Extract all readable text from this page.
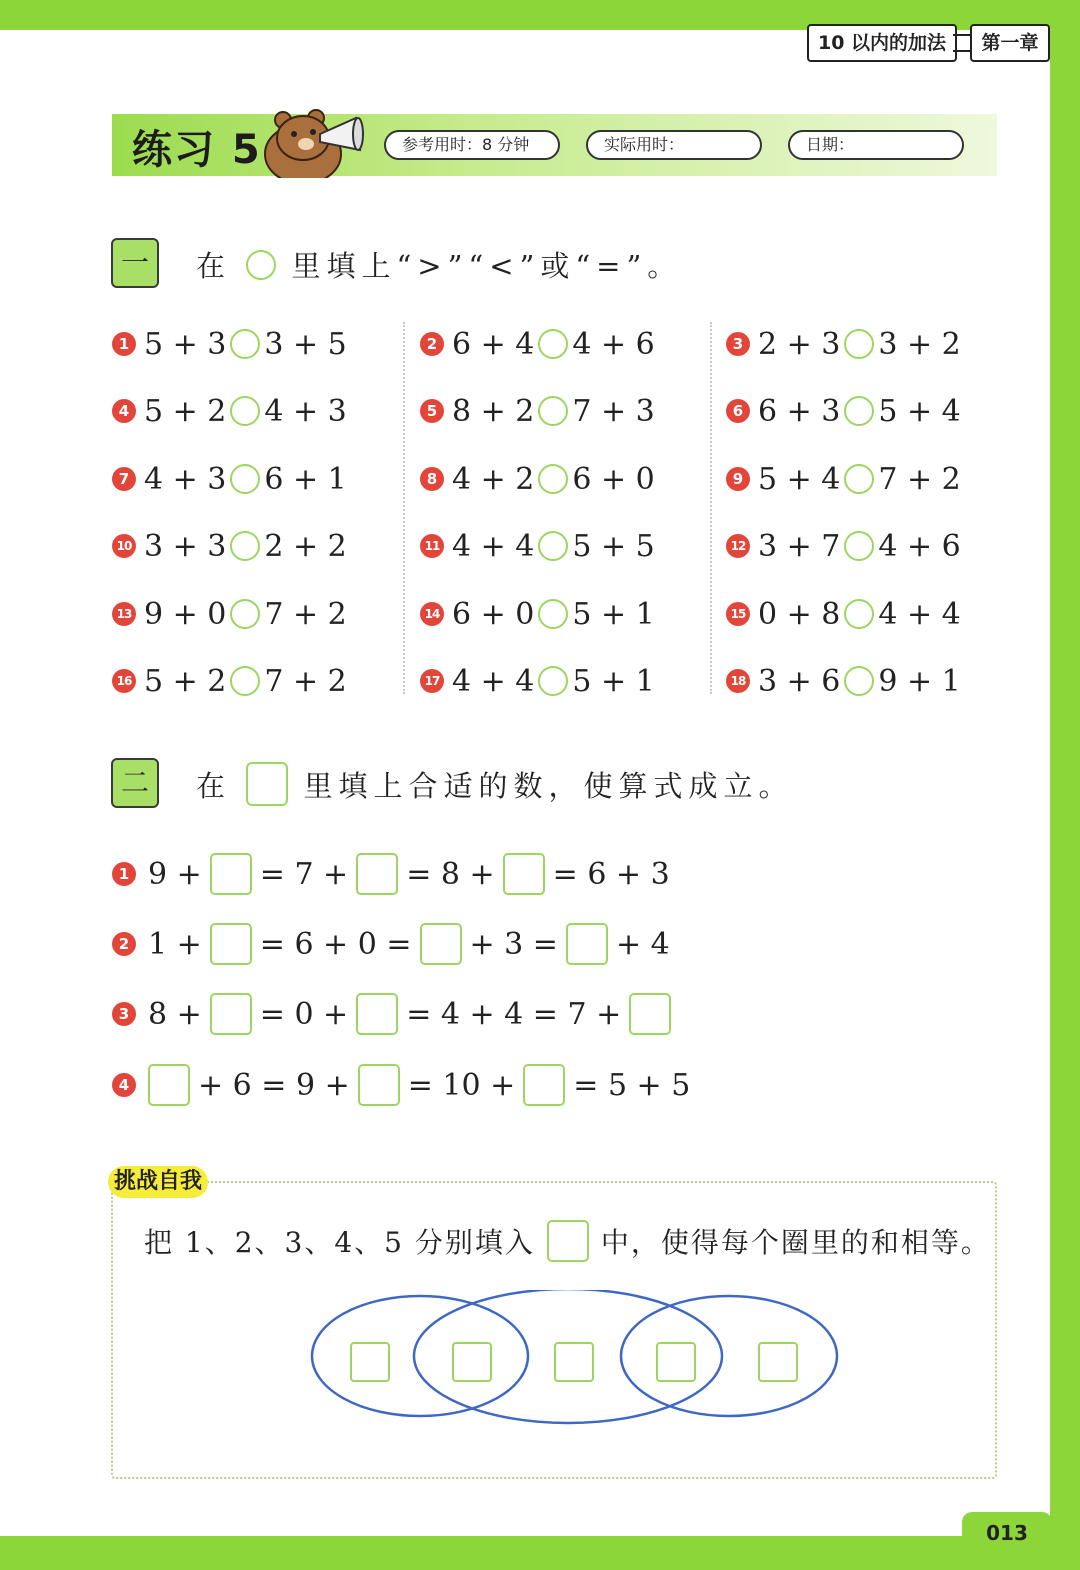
013
10 以内的加法	第一章
练习 5	参考用时：8 分钟	实际用时：	日期：
一	在 里填上“>”“<”或“=”。
1 5 + 3 3 + 5	2 6 + 4 4 + 6	3 2 + 3 3 + 2
4 5 + 2 4 + 3	5 8 + 2 7 + 3	6 6 + 3 5 + 4
7 4 + 3 6 + 1	8 4 + 2 6 + 0	9 5 + 4 7 + 2
10 3 + 3 2 + 2	11 4 + 4 5 + 5	12 3 + 7 4 + 6
13 9 + 0 7 + 2	14 6 + 0 5 + 1	15 0 + 8 4 + 4
16 5 + 2 7 + 2	17 4 + 4 5 + 1	18 3 + 6 9 + 1
二	在 里填上合适的数，使算式成立。
1 9 + = 7 + = 8 + = 6 + 3
2 1 + = 6 + 0 = + 3 = + 4
3 8 + = 0 + = 4 + 4 = 7 +
4 + 6 = 9 + = 10 + = 5 + 5
挑战自我
把 1、2、3、4、5 分别填入 中，使得每个圈里的和相等。
